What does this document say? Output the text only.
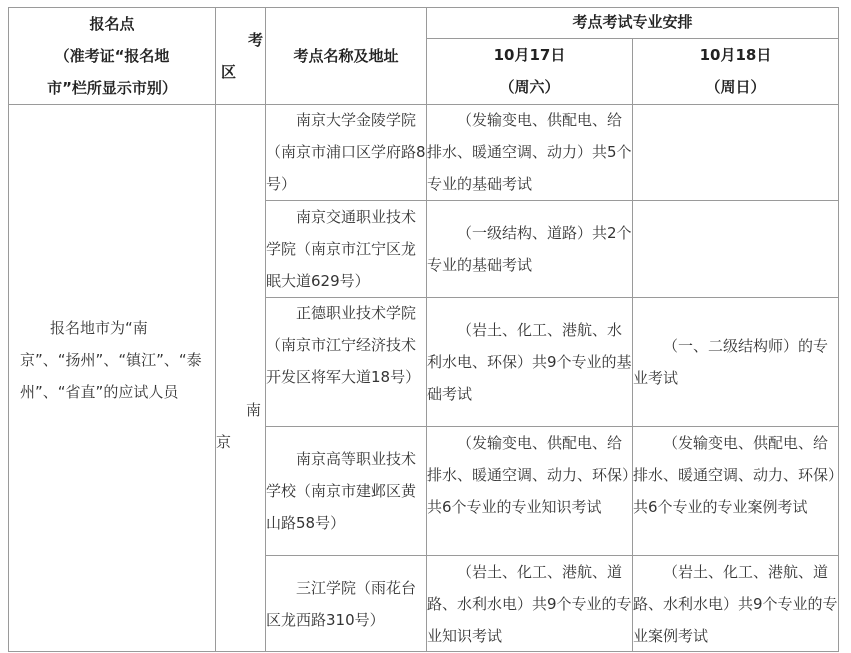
报名点

（准考证“报名地

市”栏所显示市别）

考

区

考点名称及地址
考点考试专业安排

10月17日

（周六）

10月18日

（周日）

报名地市为“南京”、“扬州”、“镇江”、“泰州”、“省直”的应试人员
南
京
南京大学金陵学院（南京市浦口区学府路8号）
（发输变电、供配电、给排水、暖通空调、动力）共5个专业的基础考试
南京交通职业技术学院（南京市江宁区龙眠大道629号）
（一级结构、道路）共2个专业的基础考试
正德职业技术学院（南京市江宁经济技术开发区将军大道18号）
（岩土、化工、港航、水利水电、环保）共9个专业的基础考试
（一、二级结构师）的专业考试
南京高等职业技术学校（南京市建邺区黄山路58号）
（发输变电、供配电、给排水、暖通空调、动力、环保）共6个专业的专业知识考试
（发输变电、供配电、给排水、暖通空调、动力、环保）共6个专业的专业案例考试
三江学院（雨花台区龙西路310号）
（岩土、化工、港航、道路、水利水电）共9个专业的专业知识考试
（岩土、化工、港航、道路、水利水电）共9个专业的专业案例考试
